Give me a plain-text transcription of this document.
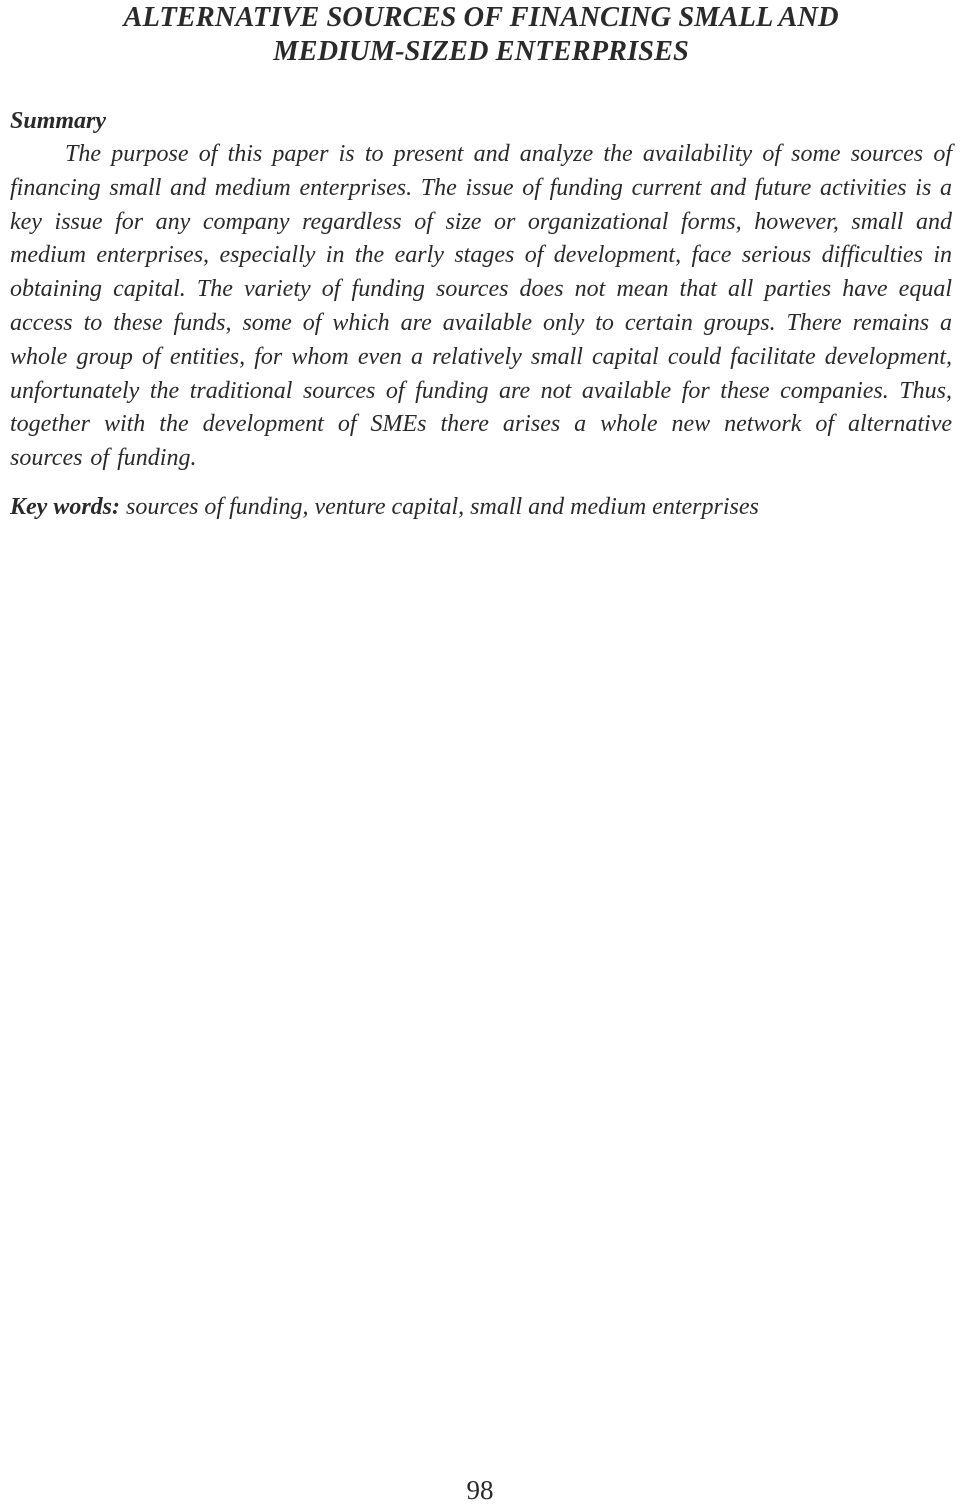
ALTERNATIVE SOURCES OF FINANCING SMALL AND
MEDIUM-SIZED ENTERPRISES
Summary

The purpose of this paper is to present and analyze the availability of some sources of financing small and medium enterprises. The issue of funding current and future activities is a key issue for any company regardless of size or organizational forms, however, small and medium enterprises, especially in the early stages of development, face serious difficulties in obtaining capital. The variety of funding sources does not mean that all parties have equal access to these funds, some of which are available only to certain groups. There remains a whole group of entities, for whom even a relatively small capital could facilitate development, unfortunately the traditional sources of funding are not available for these companies. Thus, together with the development of SMEs there arises a whole new network of alternative sources of funding.

Key words: sources of funding, venture capital, small and medium enterprises

98
